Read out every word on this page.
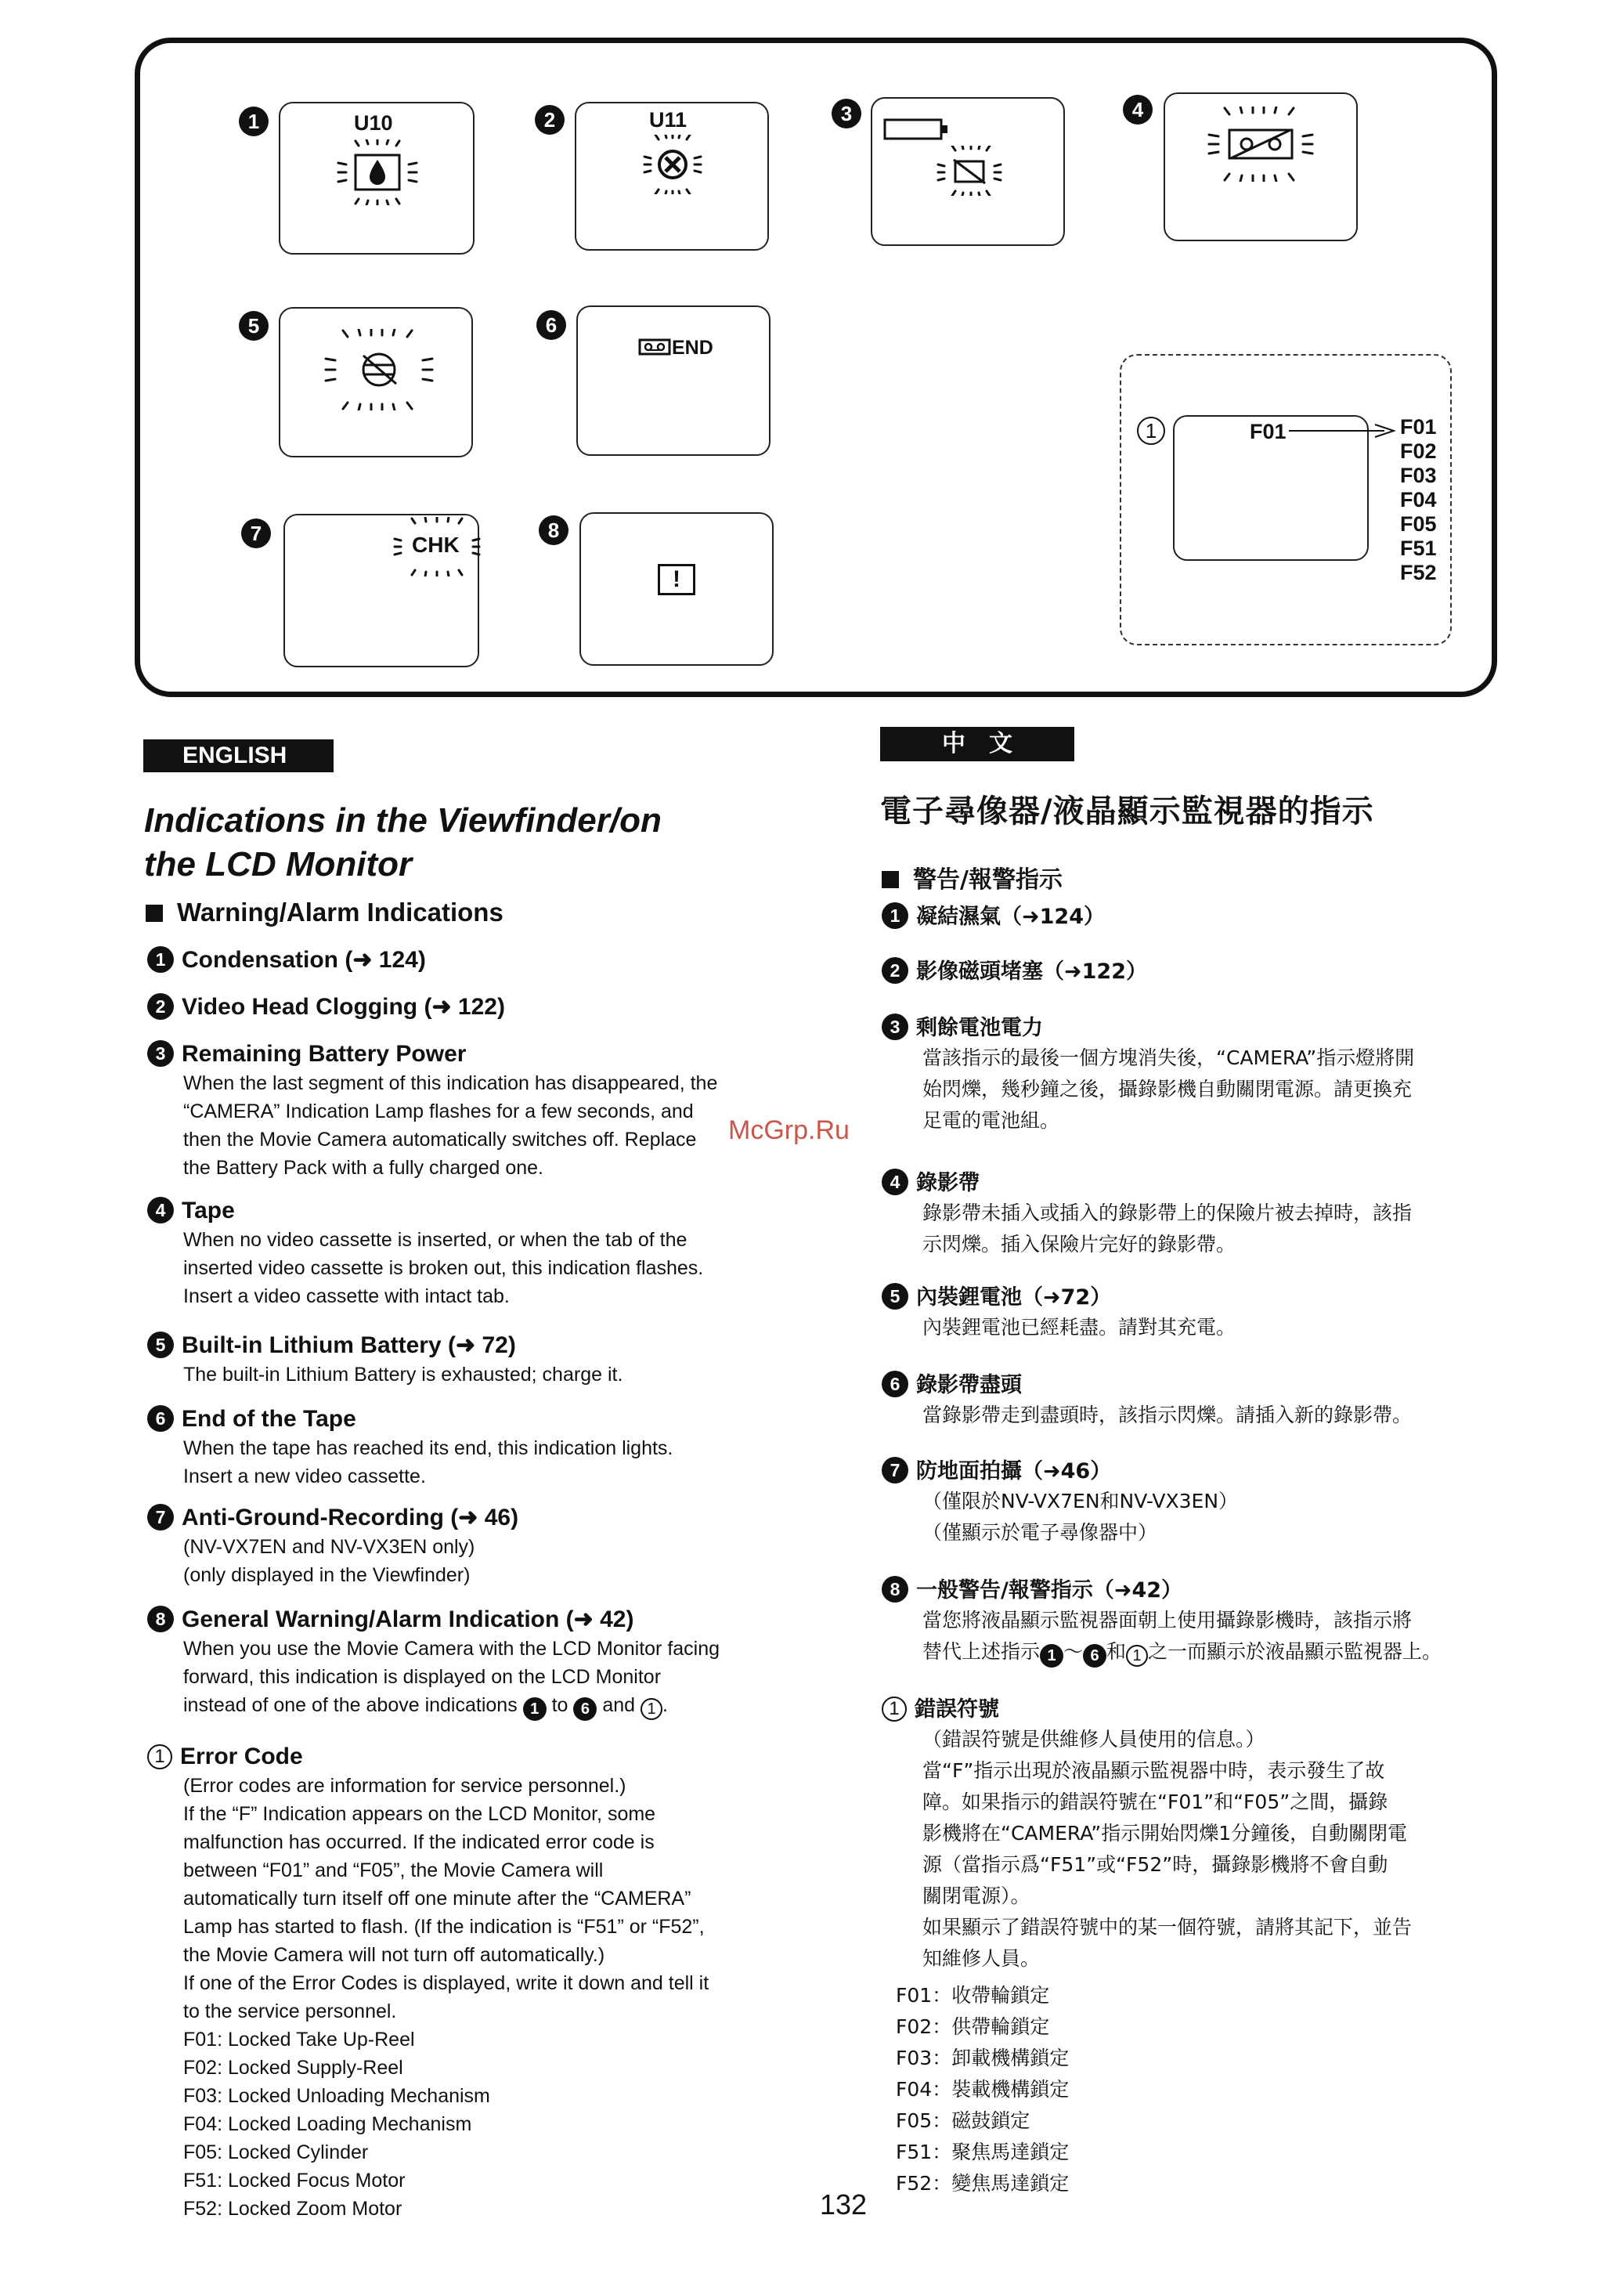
1	2	3	4
5	6
7	8
U10	U11
END
CHK
!
1	F01	F01
F02
F03
F04
F05
F51
F52
ENGLISH
Indications in the Viewfinder/on
the LCD Monitor
Warning/Alarm Indications
1 Condensation (➜ 124)
2 Video Head Clogging (➜ 122)
3 Remaining Battery Power
When the last segment of this indication has disappeared, the
“CAMERA” Indication Lamp flashes for a few seconds, and
then the Movie Camera automatically switches off. Replace
the Battery Pack with a fully charged one.
4 Tape
When no video cassette is inserted, or when the tab of the
inserted video cassette is broken out, this indication flashes.
Insert a video cassette with intact tab.
5 Built-in Lithium Battery (➜ 72)
The built-in Lithium Battery is exhausted; charge it.
6 End of the Tape
When the tape has reached its end, this indication lights.
Insert a new video cassette.
7 Anti-Ground-Recording (➜ 46)
(NV-VX7EN and NV-VX3EN only)
(only displayed in the Viewfinder)
8 General Warning/Alarm Indication (➜ 42)
When you use the Movie Camera with the LCD Monitor facing
forward, this indication is displayed on the LCD Monitor
instead of one of the above indications 1 to 6 and 1 .
1 Error Code
(Error codes are information for service personnel.)
If the “F” Indication appears on the LCD Monitor, some
malfunction has occurred. If the indicated error code is
between “F01” and “F05”, the Movie Camera will
automatically turn itself off one minute after the “CAMERA”
Lamp has started to flash. (If the indication is “F51” or “F52”,
the Movie Camera will not turn off automatically.)
If one of the Error Codes is displayed, write it down and tell it
to the service personnel.
F01: Locked Take Up-Reel
F02: Locked Supply-Reel
F03: Locked Unloading Mechanism
F04: Locked Loading Mechanism
F05: Locked Cylinder
F51: Locked Focus Motor
F52: Locked Zoom Motor
中　文
電子尋像器/液晶顯示監視器的指示
警告/報警指示
1 凝結濕氣（➜124）
2 影像磁頭堵塞（➜122）
3 剩餘電池電力
當該指示的最後一個方塊消失後，“CAMERA”指示燈將開
始閃爍，幾秒鐘之後，攝錄影機自動關閉電源。請更換充
足電的電池組。
4 錄影帶
錄影帶未插入或插入的錄影帶上的保險片被去掉時，該指
示閃爍。插入保險片完好的錄影帶。
5 內裝鋰電池（➜72）
內裝鋰電池已經耗盡。請對其充電。
6 錄影帶盡頭
當錄影帶走到盡頭時，該指示閃爍。請插入新的錄影帶。
7 防地面拍攝（➜46）
（僅限於NV-VX7EN和NV-VX3EN）
（僅顯示於電子尋像器中）
8 一般警告/報警指示（➜42）
當您將液晶顯示監視器面朝上使用攝錄影機時，該指示將
替代上述指示 1 ～ 6 和 1 之一而顯示於液晶顯示監視器上。
1 錯誤符號
（錯誤符號是供維修人員使用的信息。）
當“F”指示出現於液晶顯示監視器中時，表示發生了故
障。如果指示的錯誤符號在“F01”和“F05”之間，攝錄
影機將在“CAMERA”指示開始閃爍1分鐘後，自動關閉電
源（當指示爲“F51”或“F52”時，攝錄影機將不會自動
關閉電源）。
如果顯示了錯誤符號中的某一個符號，請將其記下，並告
知維修人員。
F01：收帶輪鎖定
F02：供帶輪鎖定
F03：卸載機構鎖定
F04：裝載機構鎖定
F05：磁鼓鎖定
F51：聚焦馬達鎖定
F52：變焦馬達鎖定
McGrp.Ru
132
